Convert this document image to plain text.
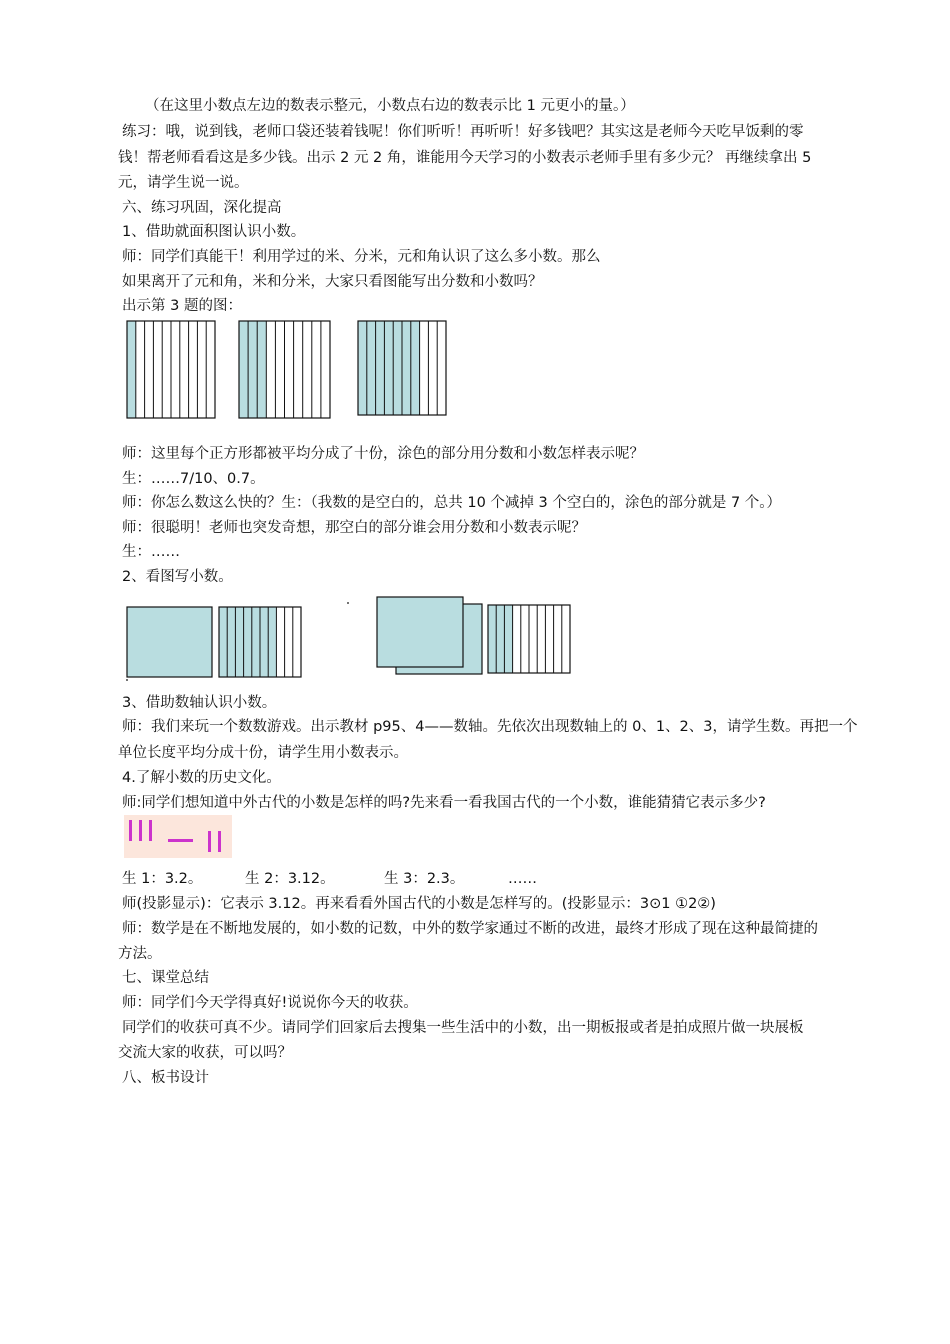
（在这里小数点左边的数表示整元，小数点右边的数表示比 1 元更小的量。）
练习：哦，说到钱，老师口袋还装着钱呢！你们听听！再听听！好多钱吧？其实这是老师今天吃早饭剩的零
钱！帮老师看看这是多少钱。出示 2 元 2 角，谁能用今天学习的小数表示老师手里有多少元？ 再继续拿出 5
元，请学生说一说。
六、练习巩固，深化提高
1、借助就面积图认识小数。
师：同学们真能干！利用学过的米、分米，元和角认识了这么多小数。那么
如果离开了元和角，米和分米，大家只看图能写出分数和小数吗？
出示第 3 题的图：
师：这里每个正方形都被平均分成了十份，涂色的部分用分数和小数怎样表示呢？
生：……7/10、0.7。
师：你怎么数这么快的？生：（我数的是空白的，总共 10 个减掉 3 个空白的，涂色的部分就是 7 个。）
师：很聪明！老师也突发奇想，那空白的部分谁会用分数和小数表示呢？
生：……
2、看图写小数。
3、借助数轴认识小数。
师：我们来玩一个数数游戏。出示教材 p95、4——数轴。先依次出现数轴上的 0、1、2、3，请学生数。再把一个
单位长度平均分成十份，请学生用小数表示。
4.了解小数的历史文化。
师:同学们想知道中外古代的小数是怎样的吗?先来看一看我国古代的一个小数，谁能猜猜它表示多少?
生 1：3.2。	生 2：3.12。	生 3：2.3。	……
师(投影显示)：它表示 3.12。再来看看外国古代的小数是怎样写的。(投影显示：3⊙1 ①2②)
师：数学是在不断地发展的，如小数的记数，中外的数学家通过不断的改进，最终才形成了现在这种最简捷的
方法。
七、课堂总结
师：同学们今天学得真好!说说你今天的收获。
同学们的收获可真不少。请同学们回家后去搜集一些生活中的小数，出一期板报或者是拍成照片做一块展板
交流大家的收获，可以吗？
八、板书设计
